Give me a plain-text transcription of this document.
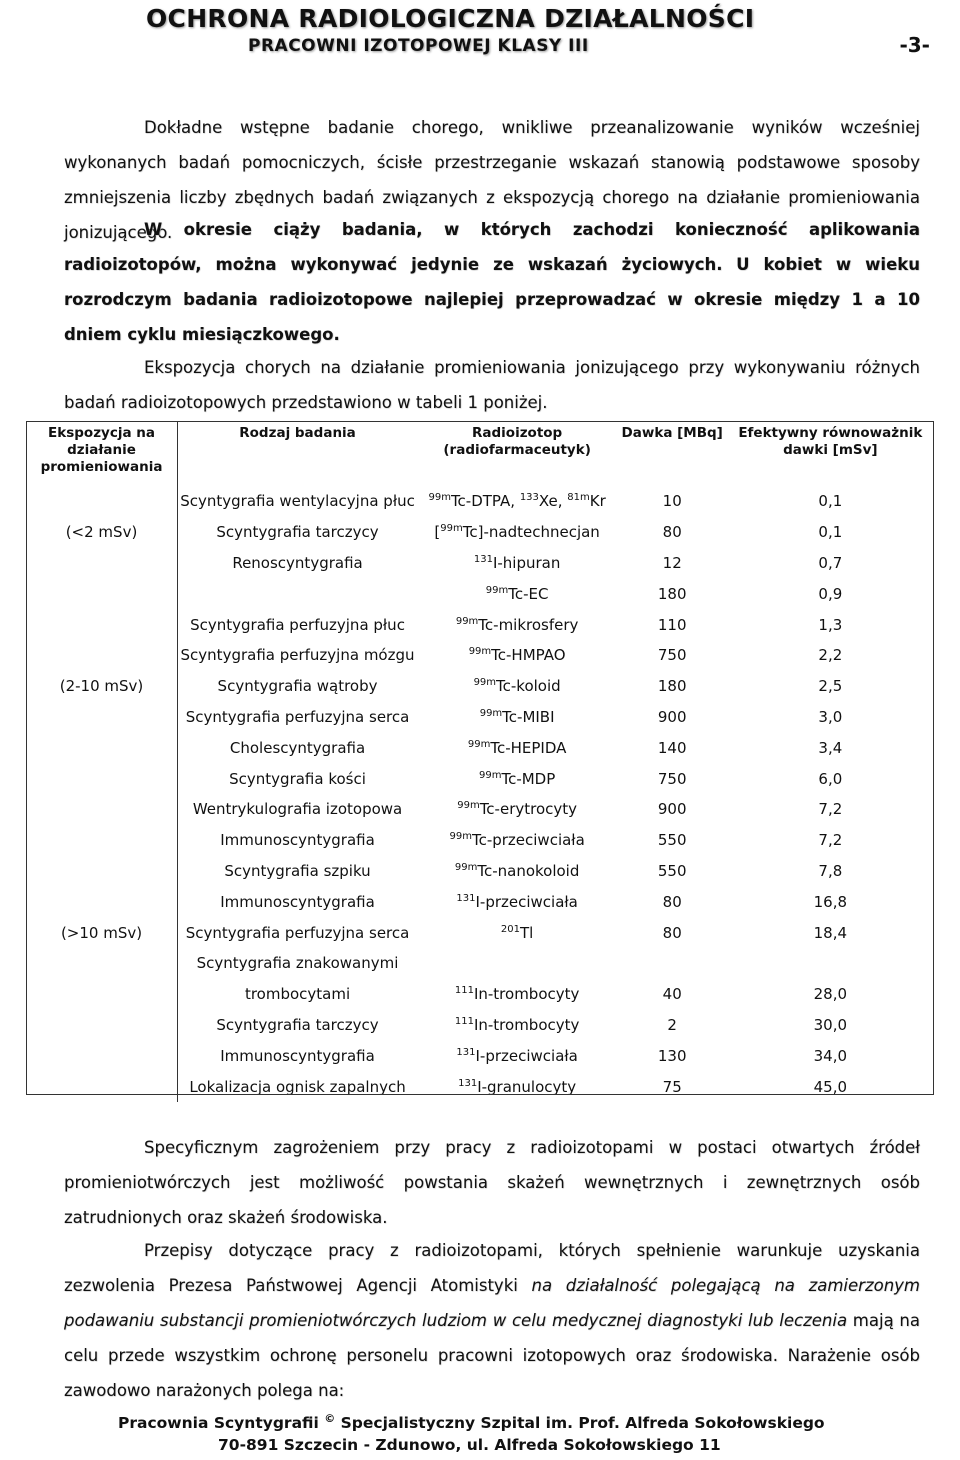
OCHRONA RADIOLOGICZNA DZIAŁALNOŚCI
PRACOWNI IZOTOPOWEJ KLASY III	-3-
Dokładne wstępne badanie chorego, wnikliwe przeanalizowanie wyników wcześniej wykonanych badań pomocniczych, ścisłe przestrzeganie wskazań stanowią podstawowe sposoby zmniejszenia liczby zbędnych badań związanych z ekspozycją chorego na działanie promieniowania jonizującego.
W okresie ciąży badania, w których zachodzi konieczność aplikowania radioizotopów, można wykonywać jedynie ze wskazań życiowych. U kobiet w wieku rozrodczym badania radioizotopowe najlepiej przeprowadzać w okresie między 1 a 10 dniem cyklu miesiączkowego.
Ekspozycja chorych na działanie promieniowania jonizującego przy wykonywaniu różnych badań radioizotopowych przedstawiono w tabeli 1 poniżej.
Ekspozycja na działanie promieniowania	Rodzaj badania	Radioizotop (radiofarmaceutyk)	Dawka [MBq]	Efektywny równoważnik dawki [mSv]
	Scyntygrafia wentylacyjna płuc	$^{99m}$Tc-DTPA, $^{133}$Xe, $^{81m}$Kr	10	0,1
(<2 mSv)	Scyntygrafia tarczycy	[$^{99m}$Tc]-nadtechnecjan	80	0,1
	Renoscyntygrafia	$^{131}$I-hipuran	12	0,7
		$^{99m}$Tc-EC	180	0,9
	Scyntygrafia perfuzyjna płuc	$^{99m}$Tc-mikrosfery	110	1,3
	Scyntygrafia perfuzyjna mózgu	$^{99m}$Tc-HMPAO	750	2,2
(2-10 mSv)	Scyntygrafia wątroby	$^{99m}$Tc-koloid	180	2,5
	Scyntygrafia perfuzyjna serca	$^{99m}$Tc-MIBI	900	3,0
	Cholescyntygrafia	$^{99m}$Tc-HEPIDA	140	3,4
	Scyntygrafia kości	$^{99m}$Tc-MDP	750	6,0
	Wentrykulografia izotopowa	$^{99m}$Tc-erytrocyty	900	7,2
	Immunoscyntygrafia	$^{99m}$Tc-przeciwciała	550	7,2
	Scyntygrafia szpiku	$^{99m}$Tc-nanokoloid	550	7,8
	Immunoscyntygrafia	$^{131}$I-przeciwciała	80	16,8
(>10 mSv)	Scyntygrafia perfuzyjna serca	$^{201}$Tl	80	18,4
	Scyntygrafia znakowanymi			
	trombocytami	$^{111}$In-trombocyty	40	28,0
	Scyntygrafia tarczycy	$^{111}$In-trombocyty	2	30,0
	Immunoscyntygrafia	$^{131}$I-przeciwciała	130	34,0
	Lokalizacja ognisk zapalnych	$^{131}$I-granulocyty	75	45,0
Specyficznym zagrożeniem przy pracy z radioizotopami w postaci otwartych źródeł promieniotwórczych jest możliwość powstania skażeń wewnętrznych i zewnętrznych osób zatrudnionych oraz skażeń środowiska.
Przepisy dotyczące pracy z radioizotopami, których spełnienie warunkuje uzyskania zezwolenia Prezesa Państwowej Agencji Atomistyki na działalność polegającą na zamierzonym podawaniu substancji promieniotwórczych ludziom w celu medycznej diagnostyki lub leczenia mają na celu przede wszystkim ochronę personelu pracowni izotopowych oraz środowiska. Narażenie osób zawodowo narażonych polega na:
Pracownia Scyntygrafii © Specjalistyczny Szpital im. Prof. Alfreda Sokołowskiego
70-891 Szczecin - Zdunowo, ul. Alfreda Sokołowskiego 11
